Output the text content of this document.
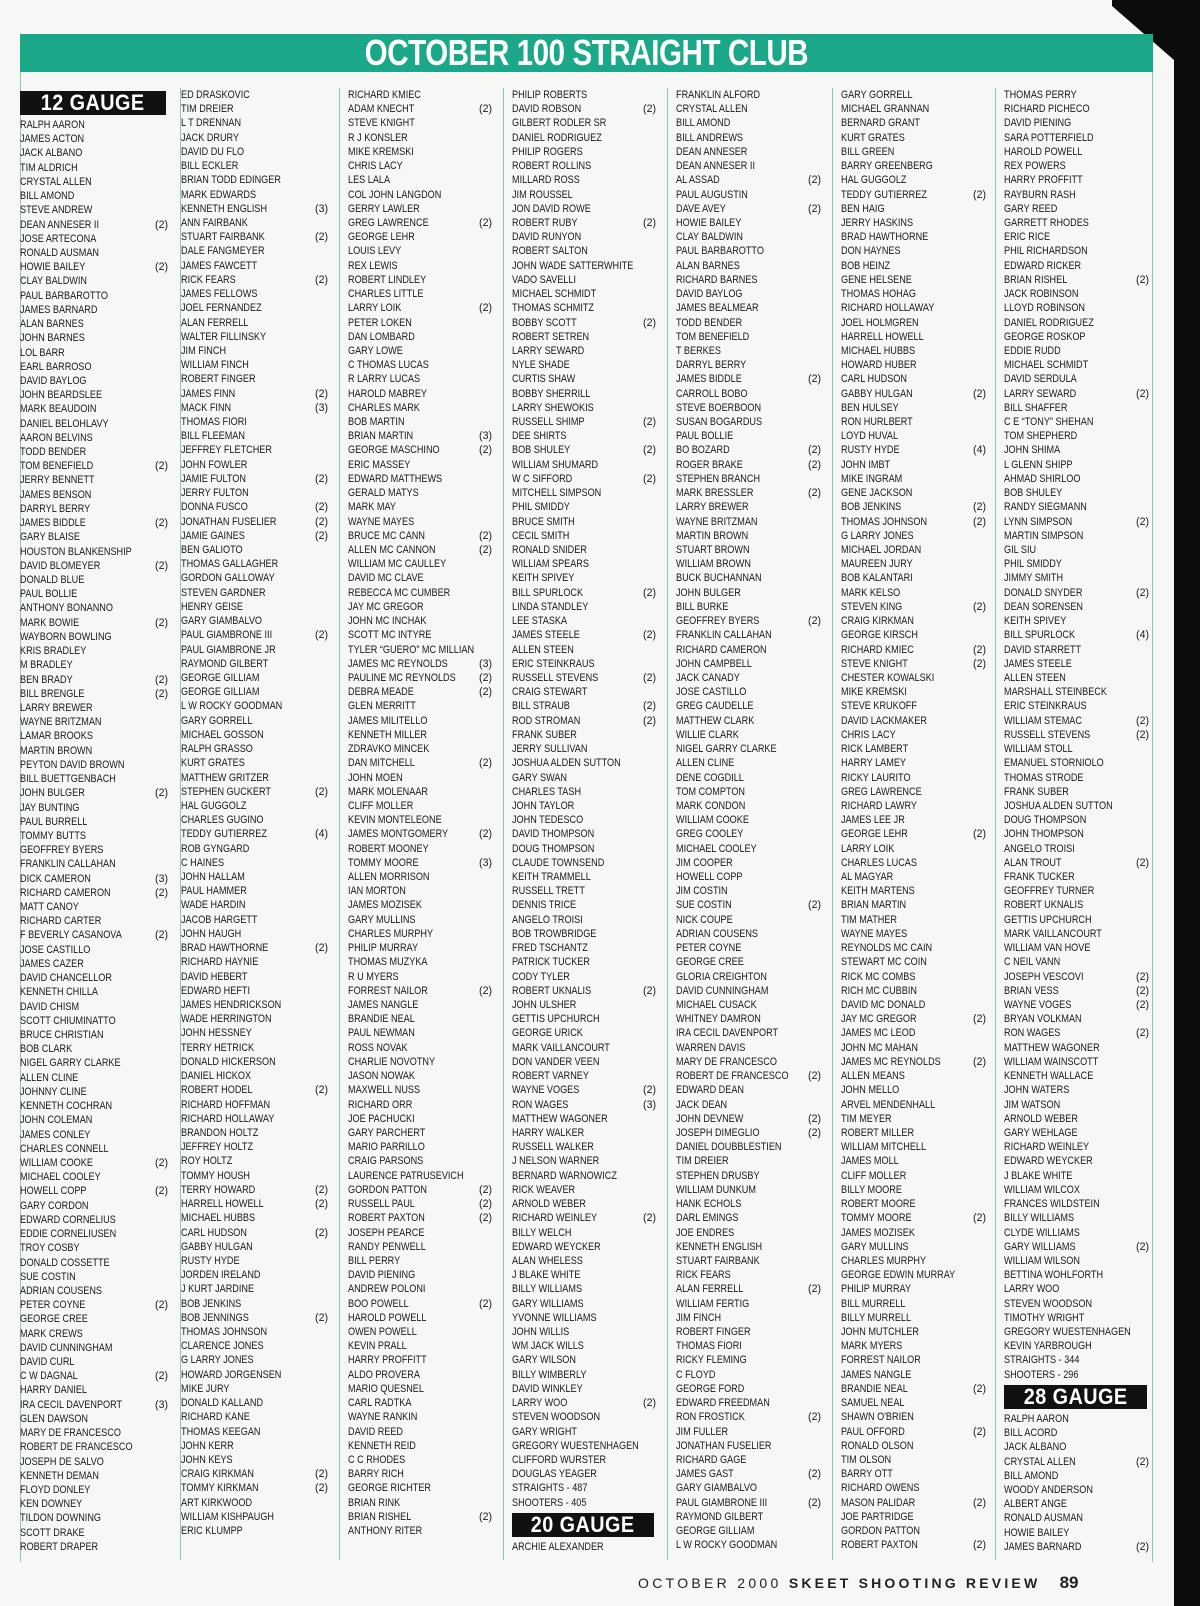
OCTOBER 100 STRAIGHT CLUB
12 GAUGE
RALPH AARON
JAMES ACTON
JACK ALBANO
TIM ALDRICH
CRYSTAL ALLEN
BILL AMOND
STEVE ANDREW
DEAN ANNESER II	(2)
JOSE ARTECONA
RONALD AUSMAN
HOWIE BAILEY	(2)
CLAY BALDWIN
PAUL BARBAROTTO
JAMES BARNARD
ALAN BARNES
JOHN BARNES
LOL BARR
EARL BARROSO
DAVID BAYLOG
JOHN BEARDSLEE
MARK BEAUDOIN
DANIEL BELOHLAVY
AARON BELVINS
TODD BENDER
TOM BENEFIELD	(2)
JERRY BENNETT
JAMES BENSON
DARRYL BERRY
JAMES BIDDLE	(2)
GARY BLAISE
HOUSTON BLANKENSHIP
DAVID BLOMEYER	(2)
DONALD BLUE
PAUL BOLLIE
ANTHONY BONANNO
MARK BOWIE	(2)
WAYBORN BOWLING
KRIS BRADLEY
M BRADLEY
BEN BRADY	(2)
BILL BRENGLE	(2)
LARRY BREWER
WAYNE BRITZMAN
LAMAR BROOKS
MARTIN BROWN
PEYTON DAVID BROWN
BILL BUETTGENBACH
JOHN BULGER	(2)
JAY BUNTING
PAUL BURRELL
TOMMY BUTTS
GEOFFREY BYERS
FRANKLIN CALLAHAN
DICK CAMERON	(3)
RICHARD CAMERON	(2)
MATT CANOY
RICHARD CARTER
F BEVERLY CASANOVA	(2)
JOSE CASTILLO
JAMES CAZER
DAVID CHANCELLOR
KENNETH CHILLA
DAVID CHISM
SCOTT CHIUMINATTO
BRUCE CHRISTIAN
BOB CLARK
NIGEL GARRY CLARKE
ALLEN CLINE
JOHNNY CLINE
KENNETH COCHRAN
JOHN COLEMAN
JAMES CONLEY
CHARLES CONNELL
WILLIAM COOKE	(2)
MICHAEL COOLEY
HOWELL COPP	(2)
GARY CORDON
EDWARD CORNELIUS
EDDIE CORNELIUSEN
TROY COSBY
DONALD COSSETTE
SUE COSTIN
ADRIAN COUSENS
PETER COYNE	(2)
GEORGE CREE
MARK CREWS
DAVID CUNNINGHAM
DAVID CURL
C W DAGNAL	(2)
HARRY DANIEL
IRA CECIL DAVENPORT	(3)
GLEN DAWSON
MARY DE FRANCESCO
ROBERT DE FRANCESCO
JOSEPH DE SALVO
KENNETH DEMAN
FLOYD DONLEY
KEN DOWNEY
TILDON DOWNING
SCOTT DRAKE
ROBERT DRAPER
ED DRASKOVIC
TIM DREIER
L T DRENNAN
JACK DRURY
DAVID DU FLO
BILL ECKLER
BRIAN TODD EDINGER
MARK EDWARDS
KENNETH ENGLISH	(3)
ANN FAIRBANK
STUART FAIRBANK	(2)
DALE FANGMEYER
JAMES FAWCETT
RICK FEARS	(2)
JAMES FELLOWS
JOEL FERNANDEZ
ALAN FERRELL
WALTER FILLINSKY
JIM FINCH
WILLIAM FINCH
ROBERT FINGER
JAMES FINN	(2)
MACK FINN	(3)
THOMAS FIORI
BILL FLEEMAN
JEFFREY FLETCHER
JOHN FOWLER
JAMIE FULTON	(2)
JERRY FULTON
DONNA FUSCO	(2)
JONATHAN FUSELIER	(2)
JAMIE GAINES	(2)
BEN GALIOTO
THOMAS GALLAGHER
GORDON GALLOWAY
STEVEN GARDNER
HENRY GEISE
GARY GIAMBALVO
PAUL GIAMBRONE III	(2)
PAUL GIAMBRONE JR
RAYMOND GILBERT
GEORGE GILLIAM
GEORGE GILLIAM
L W ROCKY GOODMAN
GARY GORRELL
MICHAEL GOSSON
RALPH GRASSO
KURT GRATES
MATTHEW GRITZER
STEPHEN GUCKERT	(2)
HAL GUGGOLZ
CHARLES GUGINO
TEDDY GUTIERREZ	(4)
ROB GYNGARD
C HAINES
JOHN HALLAM
PAUL HAMMER
WADE HARDIN
JACOB HARGETT
JOHN HAUGH
BRAD HAWTHORNE	(2)
RICHARD HAYNIE
DAVID HEBERT
EDWARD HEFTI
JAMES HENDRICKSON
WADE HERRINGTON
JOHN HESSNEY
TERRY HETRICK
DONALD HICKERSON
DANIEL HICKOX
ROBERT HODEL	(2)
RICHARD HOFFMAN
RICHARD HOLLAWAY
BRANDON HOLTZ
JEFFREY HOLTZ
ROY HOLTZ
TOMMY HOUSH
TERRY HOWARD	(2)
HARRELL HOWELL	(2)
MICHAEL HUBBS
CARL HUDSON	(2)
GABBY HULGAN
RUSTY HYDE
JORDEN IRELAND
J KURT JARDINE
BOB JENKINS
BOB JENNINGS	(2)
THOMAS JOHNSON
CLARENCE JONES
G LARRY JONES
HOWARD JORGENSEN
MIKE JURY
DONALD KALLAND
RICHARD KANE
THOMAS KEEGAN
JOHN KERR
JOHN KEYS
CRAIG KIRKMAN	(2)
TOMMY KIRKMAN	(2)
ART KIRKWOOD
WILLIAM KISHPAUGH
ERIC KLUMPP
RICHARD KMIEC
ADAM KNECHT	(2)
STEVE KNIGHT
R J KONSLER
MIKE KREMSKI
CHRIS LACY
LES LALA
COL JOHN LANGDON
GERRY LAWLER
GREG LAWRENCE	(2)
GEORGE LEHR
LOUIS LEVY
REX LEWIS
ROBERT LINDLEY
CHARLES LITTLE
LARRY LOIK	(2)
PETER LOKEN
DAN LOMBARD
GARY LOWE
C THOMAS LUCAS
R LARRY LUCAS
HAROLD MABREY
CHARLES MARK
BOB MARTIN
BRIAN MARTIN	(3)
GEORGE MASCHINO	(2)
ERIC MASSEY
EDWARD MATTHEWS
GERALD MATYS
MARK MAY
WAYNE MAYES
BRUCE MC CANN	(2)
ALLEN MC CANNON	(2)
WILLIAM MC CAULLEY
DAVID MC CLAVE
REBECCA MC CUMBER
JAY MC GREGOR
JOHN MC INCHAK
SCOTT MC INTYRE
TYLER “GUERO” MC MILLIAN
JAMES MC REYNOLDS	(3)
PAULINE MC REYNOLDS (2)
DEBRA MEADE	(2)
GLEN MERRITT
JAMES MILITELLO
KENNETH MILLER
ZDRAVKO MINCEK
DAN MITCHELL	(2)
JOHN MOEN
MARK MOLENAAR
CLIFF MOLLER
KEVIN MONTELEONE
JAMES MONTGOMERY	(2)
ROBERT MOONEY
TOMMY MOORE	(3)
ALLEN MORRISON
IAN MORTON
JAMES MOZISEK
GARY MULLINS
CHARLES MURPHY
PHILIP MURRAY
THOMAS MUZYKA
R U MYERS
FORREST NAILOR	(2)
JAMES NANGLE
BRANDIE NEAL
PAUL NEWMAN
ROSS NOVAK
CHARLIE NOVOTNY
JASON NOWAK
MAXWELL NUSS
RICHARD ORR
JOE PACHUCKI
GARY PARCHERT
MARIO PARRILLO
CRAIG PARSONS
LAURENCE PATRUSEVICH
GORDON PATTON	(2)
RUSSELL PAUL	(2)
ROBERT PAXTON	(2)
JOSEPH PEARCE
RANDY PENWELL
BILL PERRY
DAVID PIENING
ANDREW POLONI
BOO POWELL	(2)
HAROLD POWELL
OWEN POWELL
KEVIN PRALL
HARRY PROFFITT
ALDO PROVERA
MARIO QUESNEL
CARL RADTKA
WAYNE RANKIN
DAVID REED
KENNETH REID
C C RHODES
BARRY RICH
GEORGE RICHTER
BRIAN RINK
BRIAN RISHEL	(2)
ANTHONY RITER
PHILIP ROBERTS
DAVID ROBSON	(2)
GILBERT RODLER SR
DANIEL RODRIGUEZ
PHILIP ROGERS
ROBERT ROLLINS
MILLARD ROSS
JIM ROUSSEL
JON DAVID ROWE
ROBERT RUBY	(2)
DAVID RUNYON
ROBERT SALTON
JOHN WADE SATTERWHITE
VADO SAVELLI
MICHAEL SCHMIDT
THOMAS SCHMITZ
BOBBY SCOTT	(2)
ROBERT SETREN
LARRY SEWARD
NYLE SHADE
CURTIS SHAW
BOBBY SHERRILL
LARRY SHEWOKIS
RUSSELL SHIMP	(2)
DEE SHIRTS
BOB SHULEY	(2)
WILLIAM SHUMARD
W C SIFFORD	(2)
MITCHELL SIMPSON
PHIL SMIDDY
BRUCE SMITH
CECIL SMITH
RONALD SNIDER
WILLIAM SPEARS
KEITH SPIVEY
BILL SPURLOCK	(2)
LINDA STANDLEY
LEE STASKA
JAMES STEELE	(2)
ALLEN STEEN
ERIC STEINKRAUS
RUSSELL STEVENS	(2)
CRAIG STEWART
BILL STRAUB	(2)
ROD STROMAN	(2)
FRANK SUBER
JERRY SULLIVAN
JOSHUA ALDEN SUTTON
GARY SWAN
CHARLES TASH
JOHN TAYLOR
JOHN TEDESCO
DAVID THOMPSON
DOUG THOMPSON
CLAUDE TOWNSEND
KEITH TRAMMELL
RUSSELL TRETT
DENNIS TRICE
ANGELO TROISI
BOB TROWBRIDGE
FRED TSCHANTZ
PATRICK TUCKER
CODY TYLER
ROBERT UKNALIS	(2)
JOHN ULSHER
GETTIS UPCHURCH
GEORGE URICK
MARK VAILLANCOURT
DON VANDER VEEN
ROBERT VARNEY
WAYNE VOGES	(2)
RON WAGES	(3)
MATTHEW WAGONER
HARRY WALKER
RUSSELL WALKER
J NELSON WARNER
BERNARD WARNOWICZ
RICK WEAVER
ARNOLD WEBER
RICHARD WEINLEY	(2)
BILLY WELCH
EDWARD WEYCKER
ALAN WHELESS
J BLAKE WHITE
BILLY WILLIAMS
GARY WILLIAMS
YVONNE WILLIAMS
JOHN WILLIS
WM JACK WILLS
GARY WILSON
BILLY WIMBERLY
DAVID WINKLEY
LARRY WOO	(2)
STEVEN WOODSON
GARY WRIGHT
GREGORY WUESTENHAGEN
CLIFFORD WURSTER
DOUGLAS YEAGER
STRAIGHTS - 487
SHOOTERS - 405
20 GAUGE
ARCHIE ALEXANDER
FRANKLIN ALFORD
CRYSTAL ALLEN
BILL AMOND
BILL ANDREWS
DEAN ANNESER
DEAN ANNESER II
AL ASSAD	(2)
PAUL AUGUSTIN
DAVE AVEY	(2)
HOWIE BAILEY
CLAY BALDWIN
PAUL BARBAROTTO
ALAN BARNES
RICHARD BARNES
DAVID BAYLOG
JAMES BEALMEAR
TODD BENDER
TOM BENEFIELD
T BERKES
DARRYL BERRY
JAMES BIDDLE	(2)
CARROLL BOBO
STEVE BOERBOON
SUSAN BOGARDUS
PAUL BOLLIE
BO BOZARD	(2)
ROGER BRAKE	(2)
STEPHEN BRANCH
MARK BRESSLER	(2)
LARRY BREWER
WAYNE BRITZMAN
MARTIN BROWN
STUART BROWN
WILLIAM BROWN
BUCK BUCHANNAN
JOHN BULGER
BILL BURKE
GEOFFREY BYERS	(2)
FRANKLIN CALLAHAN
RICHARD CAMERON
JOHN CAMPBELL
JACK CANADY
JOSE CASTILLO
GREG CAUDELLE
MATTHEW CLARK
WILLIE CLARK
NIGEL GARRY CLARKE
ALLEN CLINE
DENE COGDILL
TOM COMPTON
MARK CONDON
WILLIAM COOKE
GREG COOLEY
MICHAEL COOLEY
JIM COOPER
HOWELL COPP
JIM COSTIN
SUE COSTIN	(2)
NICK COUPE
ADRIAN COUSENS
PETER COYNE
GEORGE CREE
GLORIA CREIGHTON
DAVID CUNNINGHAM
MICHAEL CUSACK
WHITNEY DAMRON
IRA CECIL DAVENPORT
WARREN DAVIS
MARY DE FRANCESCO
ROBERT DE FRANCESCO (2)
EDWARD DEAN
JACK DEAN
JOHN DEVNEW	(2)
JOSEPH DIMEGLIO	(2)
DANIEL DOUBBLESTIEN
TIM DREIER
STEPHEN DRUSBY
WILLIAM DUNKUM
HANK ECHOLS
DARL EMINGS
JOE ENDRES
KENNETH ENGLISH
STUART FAIRBANK
RICK FEARS
ALAN FERRELL	(2)
WILLIAM FERTIG
JIM FINCH
ROBERT FINGER
THOMAS FIORI
RICKY FLEMING
C FLOYD
GEORGE FORD
EDWARD FREEDMAN
RON FROSTICK	(2)
JIM FULLER
JONATHAN FUSELIER
RICHARD GAGE
JAMES GAST	(2)
GARY GIAMBALVO
PAUL GIAMBRONE III	(2)
RAYMOND GILBERT
GEORGE GILLIAM
L W ROCKY GOODMAN
GARY GORRELL
MICHAEL GRANNAN
BERNARD GRANT
KURT GRATES
BILL GREEN
BARRY GREENBERG
HAL GUGGOLZ
TEDDY GUTIERREZ	(2)
BEN HAIG
JERRY HASKINS
BRAD HAWTHORNE
DON HAYNES
BOB HEINZ
GENE HELSENE
THOMAS HOHAG
RICHARD HOLLAWAY
JOEL HOLMGREN
HARRELL HOWELL
MICHAEL HUBBS
HOWARD HUBER
CARL HUDSON
GABBY HULGAN	(2)
BEN HULSEY
RON HURLBERT
LOYD HUVAL
RUSTY HYDE	(4)
JOHN IMBT
MIKE INGRAM
GENE JACKSON
BOB JENKINS	(2)
THOMAS JOHNSON	(2)
G LARRY JONES
MICHAEL JORDAN
MAUREEN JURY
BOB KALANTARI
MARK KELSO
STEVEN KING	(2)
CRAIG KIRKMAN
GEORGE KIRSCH
RICHARD KMIEC	(2)
STEVE KNIGHT	(2)
CHESTER KOWALSKI
MIKE KREMSKI
STEVE KRUKOFF
DAVID LACKMAKER
CHRIS LACY
RICK LAMBERT
HARRY LAMEY
RICKY LAURITO
GREG LAWRENCE
RICHARD LAWRY
JAMES LEE JR
GEORGE LEHR	(2)
LARRY LOIK
CHARLES LUCAS
AL MAGYAR
KEITH MARTENS
BRIAN MARTIN
TIM MATHER
WAYNE MAYES
REYNOLDS MC CAIN
STEWART MC COIN
RICK MC COMBS
RICH MC CUBBIN
DAVID MC DONALD
JAY MC GREGOR	(2)
JAMES MC LEOD
JOHN MC MAHAN
JAMES MC REYNOLDS	(2)
ALLEN MEANS
JOHN MELLO
ARVEL MENDENHALL
TIM MEYER
ROBERT MILLER
WILLIAM MITCHELL
JAMES MOLL
CLIFF MOLLER
BILLY MOORE
ROBERT MOORE
TOMMY MOORE	(2)
JAMES MOZISEK
GARY MULLINS
CHARLES MURPHY
GEORGE EDWIN MURRAY
PHILIP MURRAY
BILL MURRELL
BILLY MURRELL
JOHN MUTCHLER
MARK MYERS
FORREST NAILOR
JAMES NANGLE
BRANDIE NEAL	(2)
SAMUEL NEAL
SHAWN O'BRIEN
PAUL OFFORD	(2)
RONALD OLSON
TIM OLSON
BARRY OTT
RICHARD OWENS
MASON PALIDAR	(2)
JOE PARTRIDGE
GORDON PATTON
ROBERT PAXTON	(2)
THOMAS PERRY
RICHARD PICHECO
DAVID PIENING
SARA POTTERFIELD
HAROLD POWELL
REX POWERS
HARRY PROFFITT
RAYBURN RASH
GARY REED
GARRETT RHODES
ERIC RICE
PHIL RICHARDSON
EDWARD RICKER
BRIAN RISHEL	(2)
JACK ROBINSON
LLOYD ROBINSON
DANIEL RODRIGUEZ
GEORGE ROSKOP
EDDIE RUDD
MICHAEL SCHMIDT
DAVID SERDULA
LARRY SEWARD	(2)
BILL SHAFFER
C E “TONY” SHEHAN
TOM SHEPHERD
JOHN SHIMA
L GLENN SHIPP
AHMAD SHIRLOO
BOB SHULEY
RANDY SIEGMANN
LYNN SIMPSON	(2)
MARTIN SIMPSON
GIL SIU
PHIL SMIDDY
JIMMY SMITH
DONALD SNYDER	(2)
DEAN SORENSEN
KEITH SPIVEY
BILL SPURLOCK	(4)
DAVID STARRETT
JAMES STEELE
ALLEN STEEN
MARSHALL STEINBECK
ERIC STEINKRAUS
WILLIAM STEMAC	(2)
RUSSELL STEVENS	(2)
WILLIAM STOLL
EMANUEL STORNIOLO
THOMAS STRODE
FRANK SUBER
JOSHUA ALDEN SUTTON
DOUG THOMPSON
JOHN THOMPSON
ANGELO TROISI
ALAN TROUT	(2)
FRANK TUCKER
GEOFFREY TURNER
ROBERT UKNALIS
GETTIS UPCHURCH
MARK VAILLANCOURT
WILLIAM VAN HOVE
C NEIL VANN
JOSEPH VESCOVI	(2)
BRIAN VESS	(2)
WAYNE VOGES	(2)
BRYAN VOLKMAN
RON WAGES	(2)
MATTHEW WAGONER
WILLIAM WAINSCOTT
KENNETH WALLACE
JOHN WATERS
JIM WATSON
ARNOLD WEBER
GARY WEHLAGE
RICHARD WEINLEY
EDWARD WEYCKER
J BLAKE WHITE
WILLIAM WILCOX
FRANCES WILDSTEIN
BILLY WILLIAMS
CLYDE WILLIAMS
GARY WILLIAMS	(2)
WILLIAM WILSON
BETTINA WOHLFORTH
LARRY WOO
STEVEN WOODSON
TIMOTHY WRIGHT
GREGORY WUESTENHAGEN
KEVIN YARBROUGH
STRAIGHTS - 344
SHOOTERS - 296
28 GAUGE
RALPH AARON
BILL ACORD
JACK ALBANO
CRYSTAL ALLEN	(2)
BILL AMOND
WOODY ANDERSON
ALBERT ANGE
RONALD AUSMAN
HOWIE BAILEY
JAMES BARNARD	(2)
OCTOBER 2000 SKEET SHOOTING REVIEW 89
